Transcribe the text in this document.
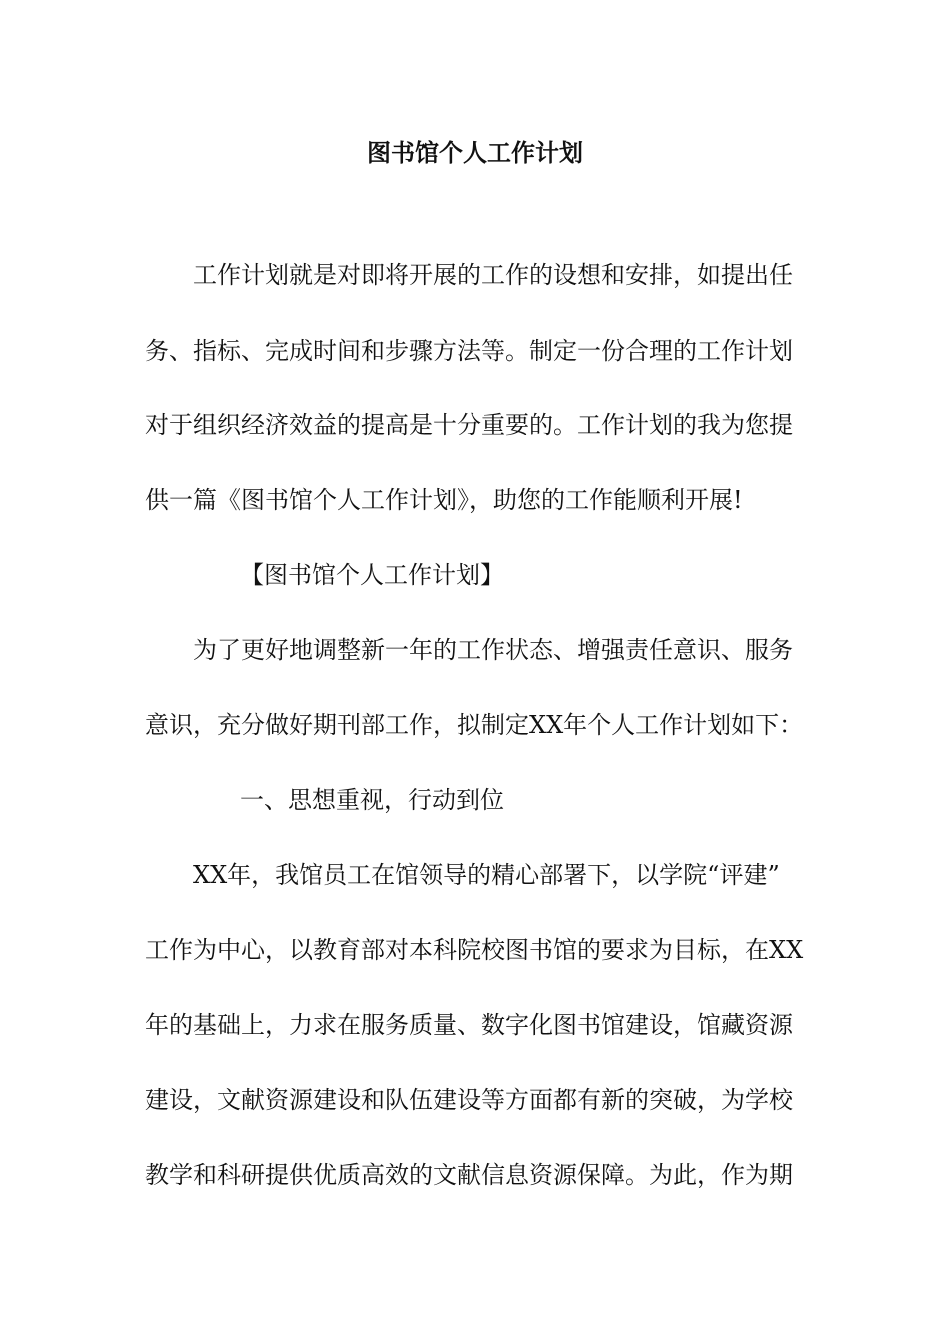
图书馆个人工作计划
工作计划就是对即将开展的工作的设想和安排，如提出任
务、指标、完成时间和步骤方法等。制定一份合理的工作计划
对于组织经济效益的提高是十分重要的。工作计划的我为您提
供一篇《图书馆个人工作计划》，助您的工作能顺利开展!
【图书馆个人工作计划】
为了更好地调整新一年的工作状态、增强责任意识、服务
意识，充分做好期刊部工作，拟制定XX年个人工作计划如下：
一、思想重视，行动到位
XX年，我馆员工在馆领导的精心部署下，以学院“评建”
工作为中心，以教育部对本科院校图书馆的要求为目标，在XX
年的基础上，力求在服务质量、数字化图书馆建设，馆藏资源
建设，文献资源建设和队伍建设等方面都有新的突破，为学校
教学和科研提供优质高效的文献信息资源保障。为此，作为期
